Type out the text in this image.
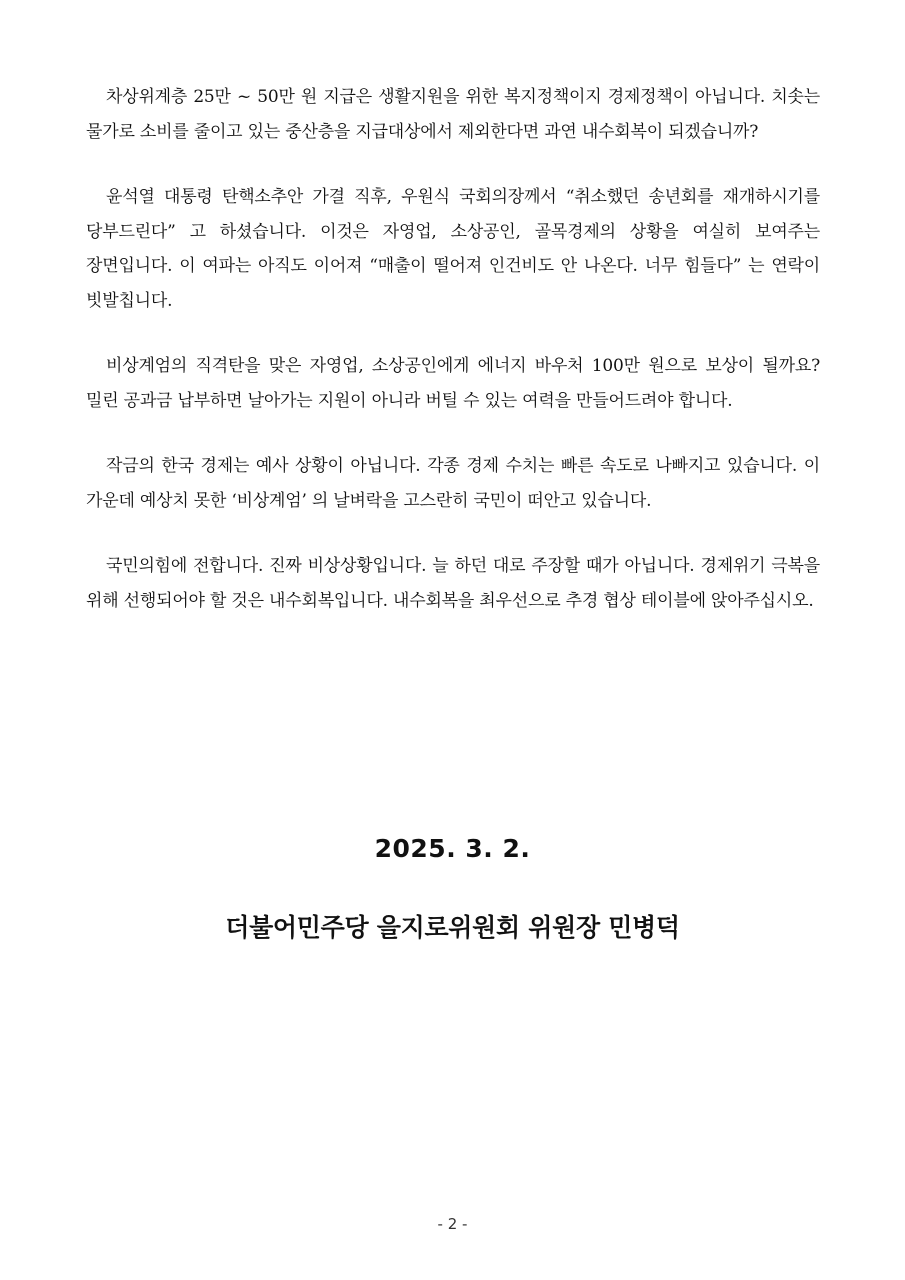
차상위계층 25만 ~ 50만 원 지급은 생활지원을 위한 복지정책이지 경제정책이 아닙니다. 치솟는 물가로 소비를 줄이고 있는 중산층을 지급대상에서 제외한다면 과연 내수회복이 되겠습니까?

윤석열 대통령 탄핵소추안 가결 직후, 우원식 국회의장께서 “취소했던 송년회를 재개하시기를 당부드린다” 고 하셨습니다. 이것은 자영업, 소상공인, 골목경제의 상황을 여실히 보여주는 장면입니다. 이 여파는 아직도 이어져 “매출이 떨어져 인건비도 안 나온다. 너무 힘들다” 는 연락이 빗발칩니다.

비상계엄의 직격탄을 맞은 자영업, 소상공인에게 에너지 바우처 100만 원으로 보상이 될까요? 밀린 공과금 납부하면 날아가는 지원이 아니라 버틸 수 있는 여력을 만들어드려야 합니다.

작금의 한국 경제는 예사 상황이 아닙니다. 각종 경제 수치는 빠른 속도로 나빠지고 있습니다. 이 가운데 예상치 못한 ‘비상계엄’ 의 날벼락을 고스란히 국민이 떠안고 있습니다.

국민의힘에 전합니다. 진짜 비상상황입니다. 늘 하던 대로 주장할 때가 아닙니다. 경제위기 극복을 위해 선행되어야 할 것은 내수회복입니다. 내수회복을 최우선으로 추경 협상 테이블에 앉아주십시오.

2025. 3. 2.
더불어민주당 을지로위원회 위원장 민병덕
- 2 -
